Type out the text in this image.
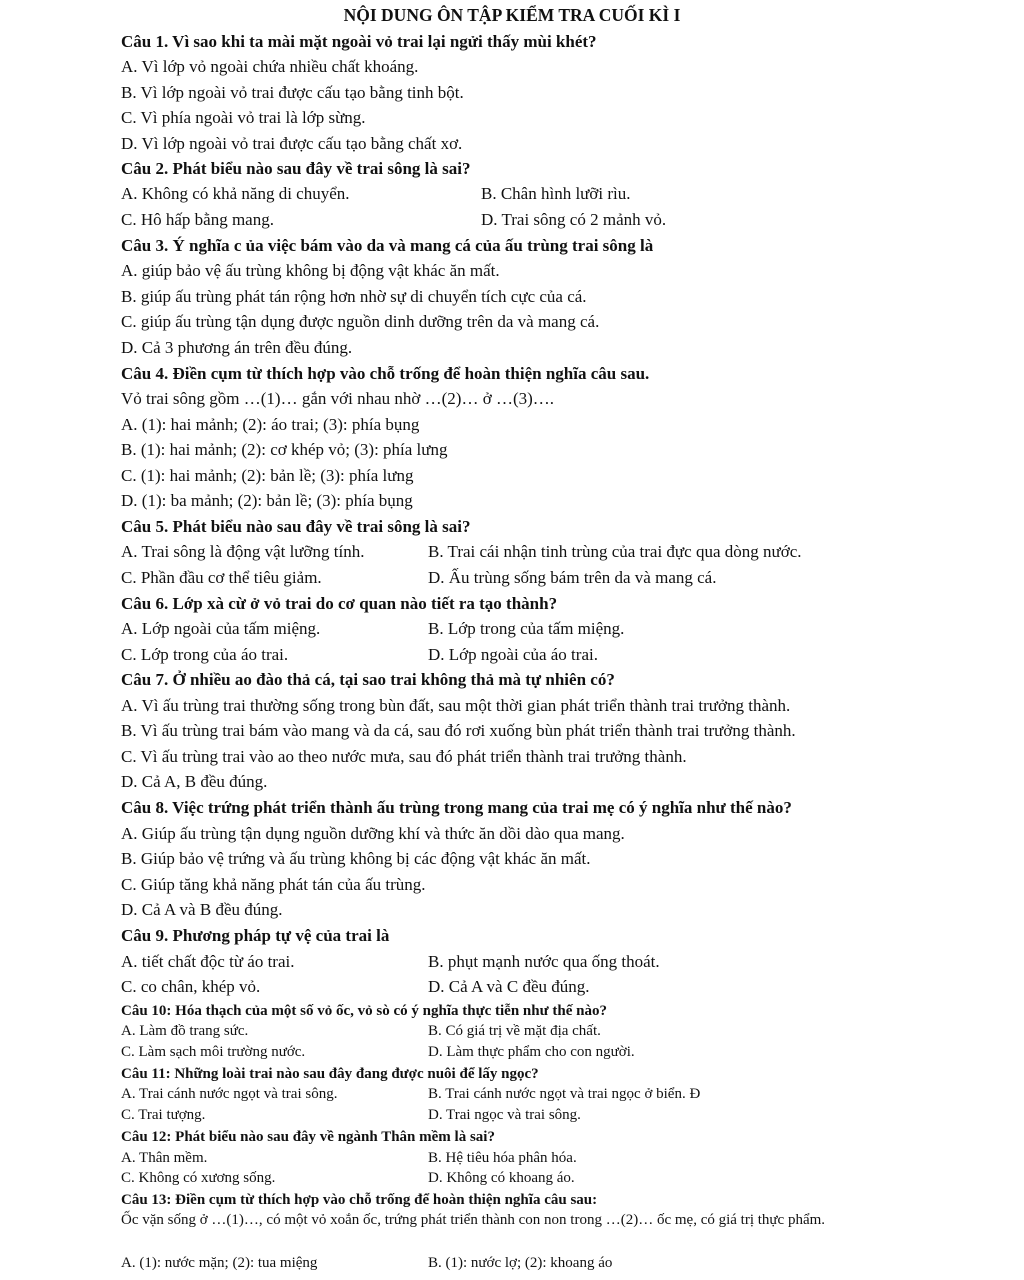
NỘI DUNG ÔN TẬP KIỂM TRA CUỐI KÌ I
Câu 1. Vì sao khi ta mài mặt ngoài vỏ trai lại ngửi thấy mùi khét?
A. Vì lớp vỏ ngoài chứa nhiều chất khoáng.
B. Vì lớp ngoài vỏ trai được cấu tạo bằng tinh bột.
C. Vì phía ngoài vỏ trai là lớp sừng.
D. Vì lớp ngoài vỏ trai được cấu tạo bằng chất xơ.
Câu 2. Phát biểu nào sau đây về trai sông là sai?
A. Không có khả năng di chuyển.	B. Chân hình lưỡi rìu.
C. Hô hấp bằng mang.	D. Trai sông có 2 mảnh vỏ.
Câu 3. Ý nghĩa c ủa việc bám vào da và mang cá của ấu trùng trai sông là
A. giúp bảo vệ ấu trùng không bị động vật khác ăn mất.
B. giúp ấu trùng phát tán rộng hơn nhờ sự di chuyển tích cực của cá.
C. giúp ấu trùng tận dụng được nguồn dinh dưỡng trên da và mang cá.
D. Cả 3 phương án trên đều đúng.
Câu 4. Điền cụm từ thích hợp vào chỗ trống để hoàn thiện nghĩa câu sau.
Vỏ trai sông gồm …(1)… gắn với nhau nhờ …(2)… ở …(3)….
A. (1): hai mảnh; (2): áo trai; (3): phía bụng
B. (1): hai mảnh; (2): cơ khép vỏ; (3): phía lưng
C. (1): hai mảnh; (2): bản lề; (3): phía lưng
D. (1): ba mảnh; (2): bản lề; (3): phía bụng
Câu 5. Phát biểu nào sau đây về trai sông là sai?
A. Trai sông là động vật lưỡng tính.	B. Trai cái nhận tinh trùng của trai đực qua dòng nước.
C. Phần đầu cơ thể tiêu giảm.	D. Ấu trùng sống bám trên da và mang cá.
Câu 6. Lớp xà cừ ở vỏ trai do cơ quan nào tiết ra tạo thành?
A. Lớp ngoài của tấm miệng.	B. Lớp trong của tấm miệng.
C. Lớp trong của áo trai.	D. Lớp ngoài của áo trai.
Câu 7. Ở nhiều ao đào thả cá, tại sao trai không thả mà tự nhiên có?
A. Vì ấu trùng trai thường sống trong bùn đất, sau một thời gian phát triển thành trai trưởng thành.
B. Vì ấu trùng trai bám vào mang và da cá, sau đó rơi xuống bùn phát triển thành trai trưởng thành.
C. Vì ấu trùng trai vào ao theo nước mưa, sau đó phát triển thành trai trưởng thành.
D. Cả A, B đều đúng.
Câu 8. Việc trứng phát triển thành ấu trùng trong mang của trai mẹ có ý nghĩa như thế nào?
A. Giúp ấu trùng tận dụng nguồn dưỡng khí và thức ăn dồi dào qua mang.
B. Giúp bảo vệ trứng và ấu trùng không bị các động vật khác ăn mất.
C. Giúp tăng khả năng phát tán của ấu trùng.
D. Cả A và B đều đúng.
Câu 9. Phương pháp tự vệ của trai là
A. tiết chất độc từ áo trai.	B. phụt mạnh nước qua ống thoát.
C. co chân, khép vỏ.	D. Cả A và C đều đúng.
Câu 10: Hóa thạch của một số vỏ ốc, vỏ sò có ý nghĩa thực tiễn như thế nào?
A. Làm đồ trang sức.	B. Có giá trị về mặt địa chất.
C. Làm sạch môi trường nước.	D. Làm thực phẩm cho con người.
Câu 11: Những loài trai nào sau đây đang được nuôi để lấy ngọc?
A. Trai cánh nước ngọt và trai sông.	B. Trai cánh nước ngọt và trai ngọc ở biển. Đ
C. Trai tượng.	D. Trai ngọc và trai sông.
Câu 12: Phát biểu nào sau đây về ngành Thân mềm là sai?
A. Thân mềm.	B. Hệ tiêu hóa phân hóa.
C. Không có xương sống.	D. Không có khoang áo.
Câu 13: Điền cụm từ thích hợp vào chỗ trống để hoàn thiện nghĩa câu sau:
Ốc vặn sống ở …(1)…, có một vỏ xoắn ốc, trứng phát triển thành con non trong …(2)… ốc mẹ, có giá trị thực phẩm.
A. (1): nước mặn; (2): tua miệng	B. (1): nước lợ; (2): khoang áo
